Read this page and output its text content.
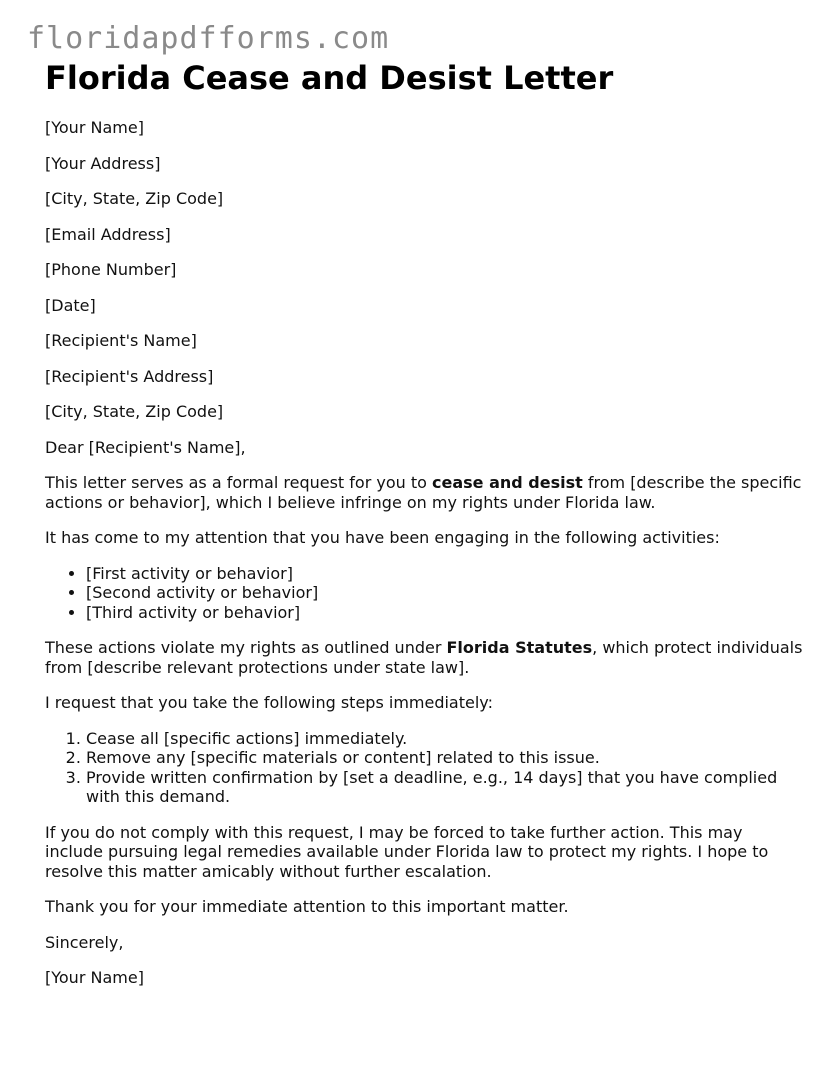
floridapdfforms.com
Florida Cease and Desist Letter

[Your Name]

[Your Address]

[City, State, Zip Code]

[Email Address]

[Phone Number]

[Date]

[Recipient's Name]

[Recipient's Address]

[City, State, Zip Code]

Dear [Recipient's Name],

This letter serves as a formal request for you to cease and desist from [describe the specific actions or behavior], which I believe infringe on my rights under Florida law.

It has come to my attention that you have been engaging in the following activities:

• [First activity or behavior]
• [Second activity or behavior]
• [Third activity or behavior]

These actions violate my rights as outlined under Florida Statutes, which protect individuals from [describe relevant protections under state law].

I request that you take the following steps immediately:

1. Cease all [specific actions] immediately.
2. Remove any [specific materials or content] related to this issue.
3. Provide written confirmation by [set a deadline, e.g., 14 days] that you have complied with this demand.

If you do not comply with this request, I may be forced to take further action. This may include pursuing legal remedies available under Florida law to protect my rights. I hope to resolve this matter amicably without further escalation.

Thank you for your immediate attention to this important matter.

Sincerely,

[Your Name]
